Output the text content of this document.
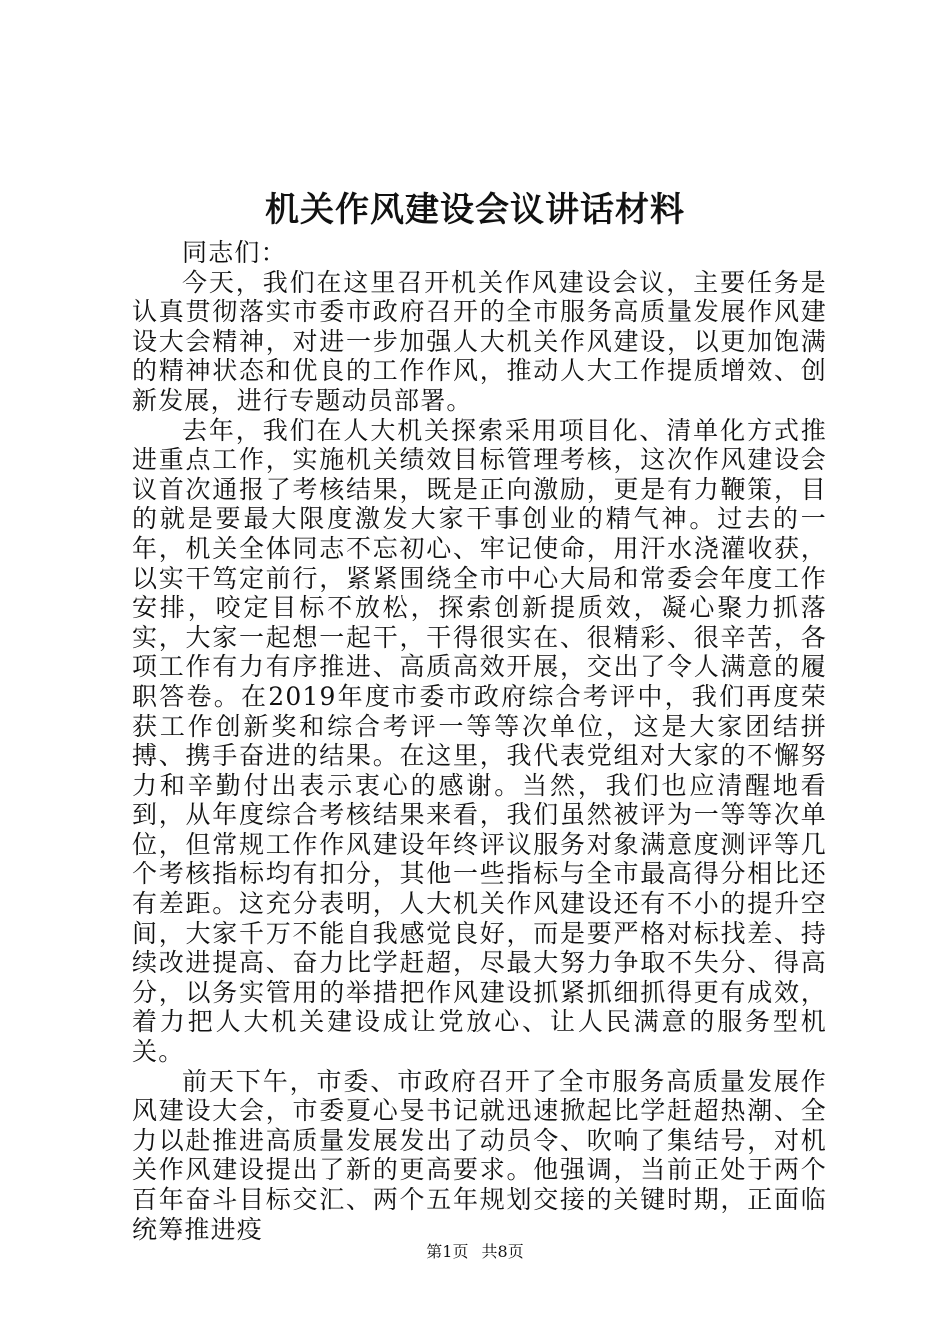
机关作风建设会议讲话材料

同志们：

今天，我们在这里召开机关作风建设会议，主要任务是认真贯彻落实市委市政府召开的全市服务高质量发展作风建设大会精神，对进一步加强人大机关作风建设，以更加饱满的精神状态和优良的工作作风，推动人大工作提质增效、创新发展，进行专题动员部署。

去年，我们在人大机关探索采用项目化、清单化方式推进重点工作，实施机关绩效目标管理考核，这次作风建设会议首次通报了考核结果，既是正向激励，更是有力鞭策，目的就是要最大限度激发大家干事创业的精气神。过去的一年，机关全体同志不忘初心、牢记使命，用汗水浇灌收获，以实干笃定前行，紧紧围绕全市中心大局和常委会年度工作安排，咬定目标不放松，探索创新提质效，凝心聚力抓落实，大家一起想一起干，干得很实在、很精彩、很辛苦，各项工作有力有序推进、高质高效开展，交出了令人满意的履职答卷。在2019年度市委市政府综合考评中，我们再度荣获工作创新奖和综合考评一等等次单位，这是大家团结拼搏、携手奋进的结果。在这里，我代表党组对大家的不懈努力和辛勤付出表示衷心的感谢。当然，我们也应清醒地看到，从年度综合考核结果来看，我们虽然被评为一等等次单位，但常规工作作风建设年终评议服务对象满意度测评等几个考核指标均有扣分，其他一些指标与全市最高得分相比还有差距。这充分表明，人大机关作风建设还有不小的提升空间，大家千万不能自我感觉良好，而是要严格对标找差、持续改进提高、奋力比学赶超，尽最大努力争取不失分、得高分，以务实管用的举措把作风建设抓紧抓细抓得更有成效，着力把人大机关建设成让党放心、让人民满意的服务型机关。

前天下午，市委、市政府召开了全市服务高质量发展作风建设大会，市委夏心旻书记就迅速掀起比学赶超热潮、全力以赴推进高质量发展发出了动员令、吹响了集结号，对机关作风建设提出了新的更高要求。他强调，当前正处于两个百年奋斗目标交汇、两个五年规划交接的关键时期，正面临统筹推进疫

第1页 共8页
